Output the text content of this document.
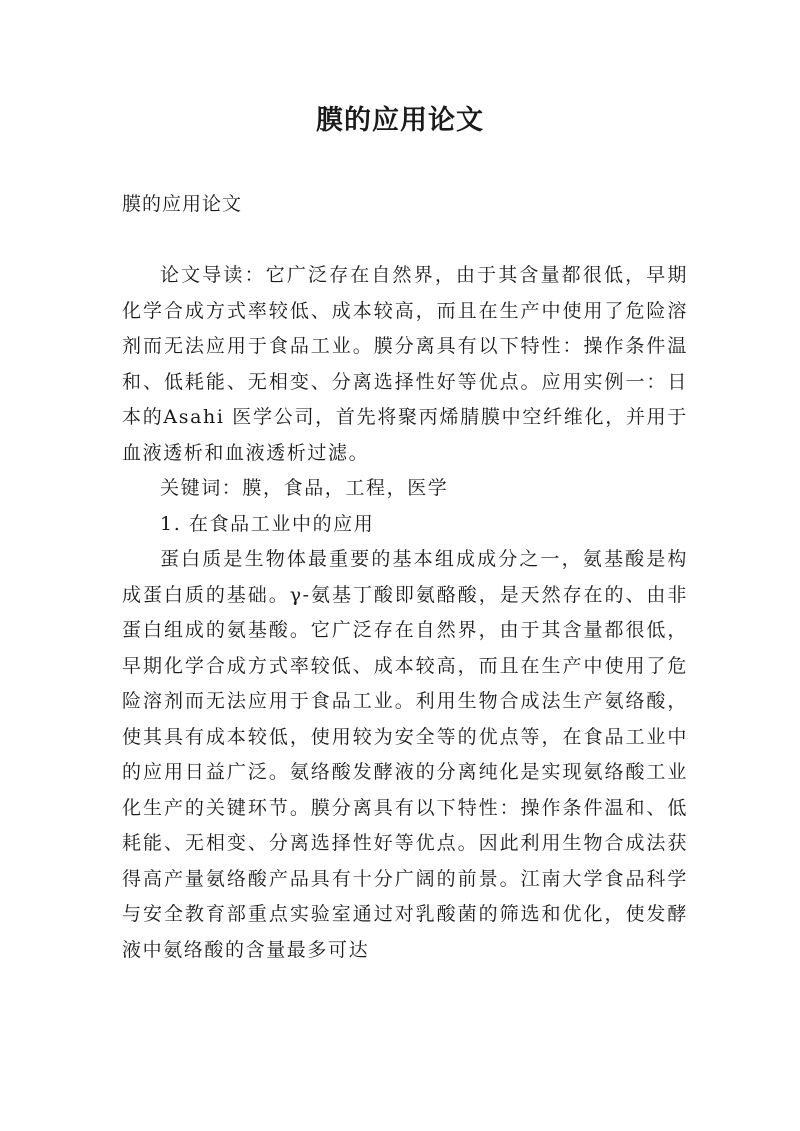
膜的应用论文
膜的应用论文

论文导读：它广泛存在自然界，由于其含量都很低，早期化学合成方式率较低、成本较高，而且在生产中使用了危险溶剂而无法应用于食品工业。膜分离具有以下特性：操作条件温和、低耗能、无相变、分离选择性好等优点。应用实例一：日本的Asahi 医学公司，首先将聚丙烯腈膜中空纤维化，并用于血液透析和血液透析过滤。

关键词：膜，食品，工程，医学

1. 在食品工业中的应用

蛋白质是生物体最重要的基本组成成分之一，氨基酸是构成蛋白质的基础。γ-氨基丁酸即氨酪酸，是天然存在的、由非蛋白组成的氨基酸。它广泛存在自然界，由于其含量都很低，早期化学合成方式率较低、成本较高，而且在生产中使用了危险溶剂而无法应用于食品工业。利用生物合成法生产氨络酸，使其具有成本较低，使用较为安全等的优点等，在食品工业中的应用日益广泛。氨络酸发酵液的分离纯化是实现氨络酸工业化生产的关键环节。膜分离具有以下特性：操作条件温和、低耗能、无相变、分离选择性好等优点。因此利用生物合成法获得高产量氨络酸产品具有十分广阔的前景。江南大学食品科学与安全教育部重点实验室通过对乳酸菌的筛选和优化，使发酵液中氨络酸的含量最多可达
